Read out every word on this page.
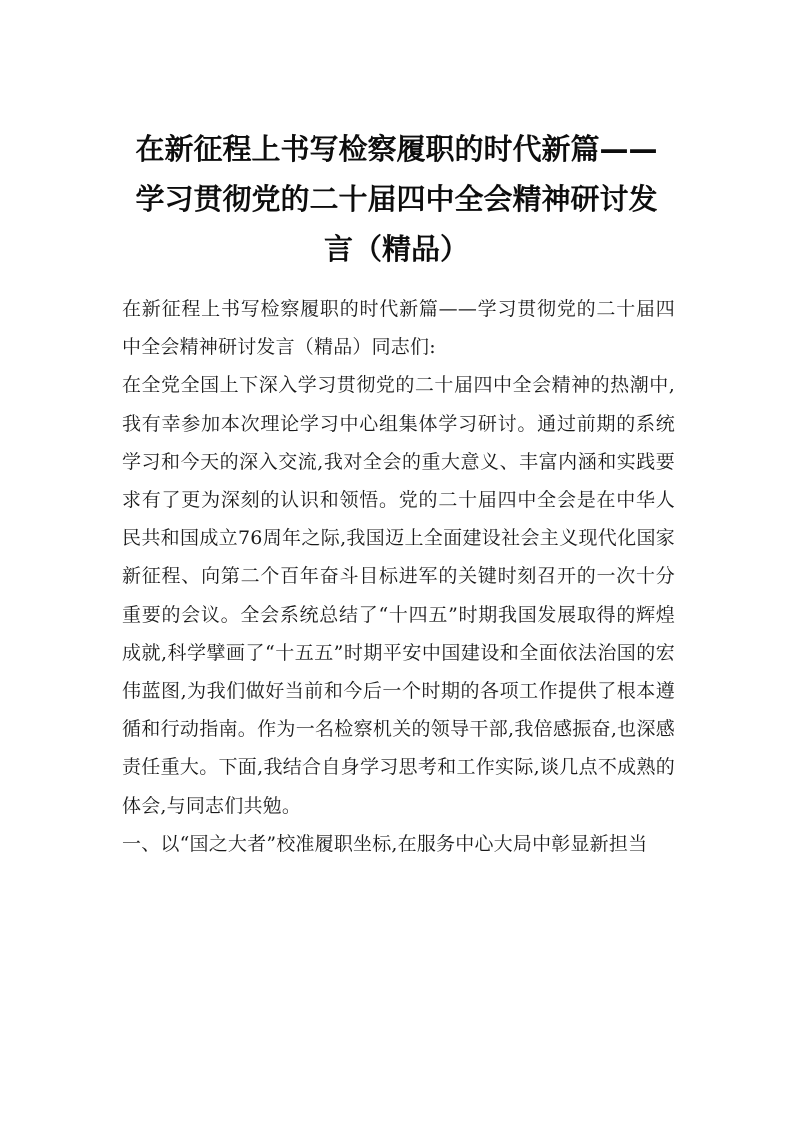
在新征程上书写检察履职的时代新篇——
学习贯彻党的二十届四中全会精神研讨发
言（精品）

在新征程上书写检察履职的时代新篇——学习贯彻党的二十届四中全会精神研讨发言（精品）同志们:

在全党全国上下深入学习贯彻党的二十届四中全会精神的热潮中,我有幸参加本次理论学习中心组集体学习研讨。通过前期的系统学习和今天的深入交流,我对全会的重大意义、丰富内涵和实践要求有了更为深刻的认识和领悟。党的二十届四中全会是在中华人民共和国成立76周年之际,我国迈上全面建设社会主义现代化国家新征程、向第二个百年奋斗目标进军的关键时刻召开的一次十分重要的会议。全会系统总结了“十四五”时期我国发展取得的辉煌成就,科学擘画了“十五五”时期平安中国建设和全面依法治国的宏伟蓝图,为我们做好当前和今后一个时期的各项工作提供了根本遵循和行动指南。作为一名检察机关的领导干部,我倍感振奋,也深感责任重大。下面,我结合自身学习思考和工作实际,谈几点不成熟的体会,与同志们共勉。

一、以“国之大者”校准履职坐标,在服务中心大局中彰显新担当
